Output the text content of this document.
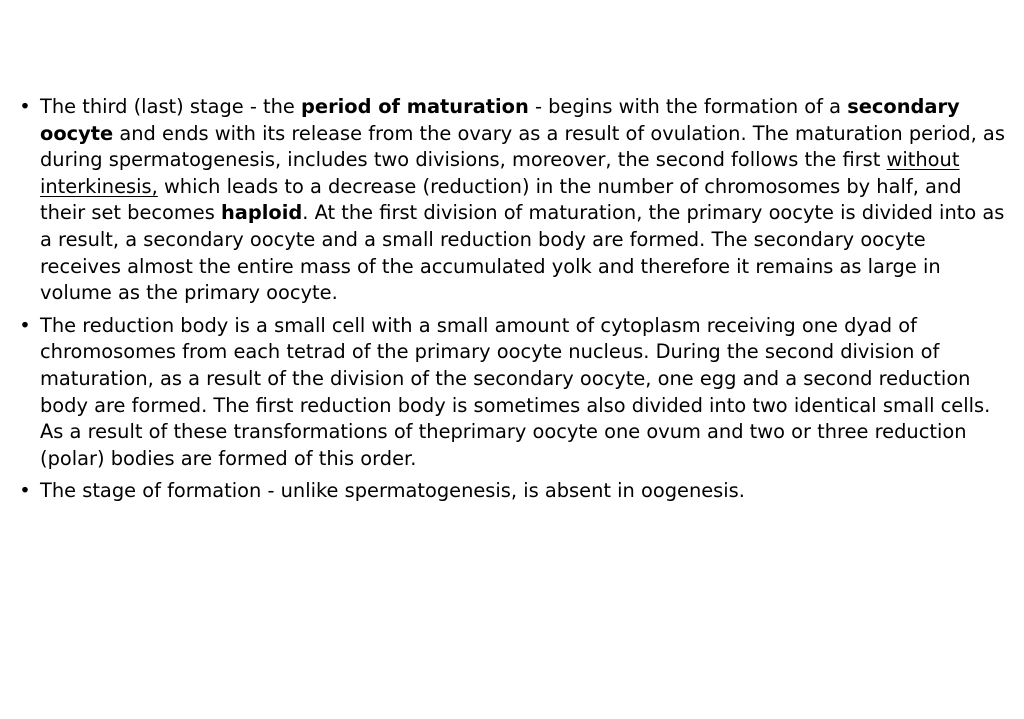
• The third (last) stage - the period of maturation - begins with the formation of a secondary oocyte and ends with its release from the ovary as a result of ovulation. The maturation period, as during spermatogenesis, includes two divisions, moreover, the second follows the first without interkinesis, which leads to a decrease (reduction) in the number of chromosomes by half, and their set becomes haploid. At the first division of maturation, the primary oocyte is divided into as a result, a secondary oocyte and a small reduction body are formed. The secondary oocyte receives almost the entire mass of the accumulated yolk and therefore it remains as large in volume as the primary oocyte.
• The reduction body is a small cell with a small amount of cytoplasm receiving one dyad of chromosomes from each tetrad of the primary oocyte nucleus. During the second division of maturation, as a result of the division of the secondary oocyte, one egg and a second reduction body are formed. The first reduction body is sometimes also divided into two identical small cells. As a result of these transformations of theprimary oocyte one ovum and two or three reduction (polar) bodies are formed of this order.
• The stage of formation - unlike spermatogenesis, is absent in oogenesis.
